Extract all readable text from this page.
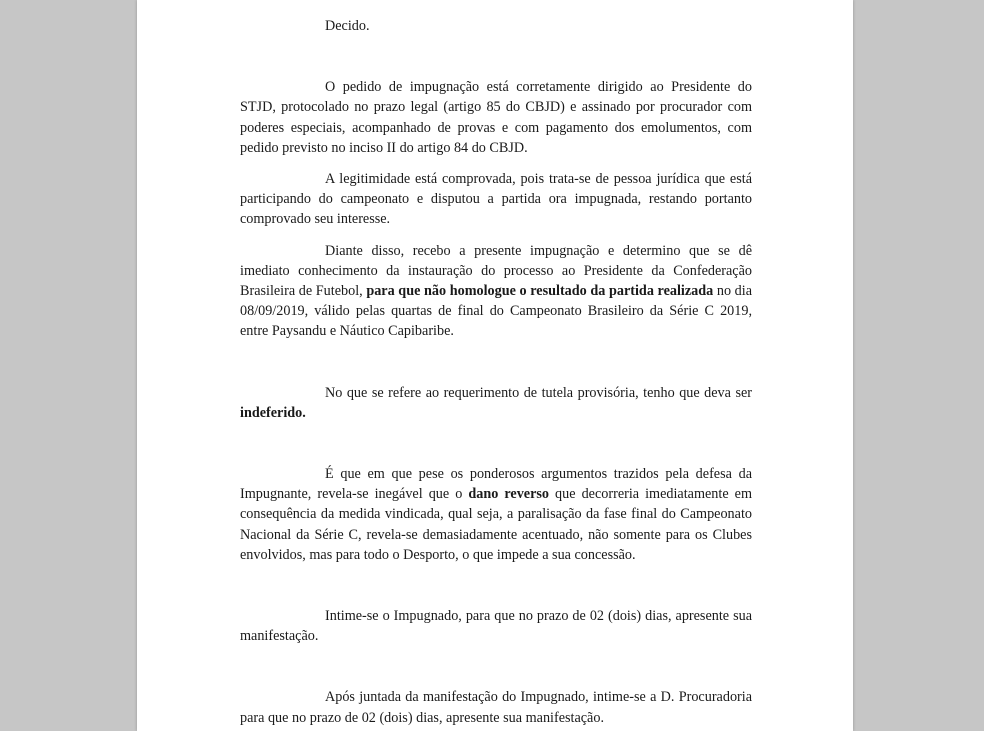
Decido.

O pedido de impugnação está corretamente dirigido ao Presidente do STJD, protocolado no prazo legal (artigo 85 do CBJD) e assinado por procurador com poderes especiais, acompanhado de provas e com pagamento dos emolumentos, com pedido previsto no inciso II do artigo 84 do CBJD.

A legitimidade está comprovada, pois trata-se de pessoa jurídica que está participando do campeonato e disputou a partida ora impugnada, restando portanto comprovado seu interesse.

Diante disso, recebo a presente impugnação e determino que se dê imediato conhecimento da instauração do processo ao Presidente da Confederação Brasileira de Futebol, para que não homologue o resultado da partida realizada no dia 08/09/2019, válido pelas quartas de final do Campeonato Brasileiro da Série C 2019, entre Paysandu e Náutico Capibaribe.

No que se refere ao requerimento de tutela provisória, tenho que deva ser indeferido.

É que em que pese os ponderosos argumentos trazidos pela defesa da Impugnante, revela-se inegável que o dano reverso que decorreria imediatamente em consequência da medida vindicada, qual seja, a paralisação da fase final do Campeonato Nacional da Série C, revela-se demasiadamente acentuado, não somente para os Clubes envolvidos, mas para todo o Desporto, o que impede a sua concessão.

Intime-se o Impugnado, para que no prazo de 02 (dois) dias, apresente sua manifestação.

Após juntada da manifestação do Impugnado, intime-se a D. Procuradoria para que no prazo de 02 (dois) dias, apresente sua manifestação.
